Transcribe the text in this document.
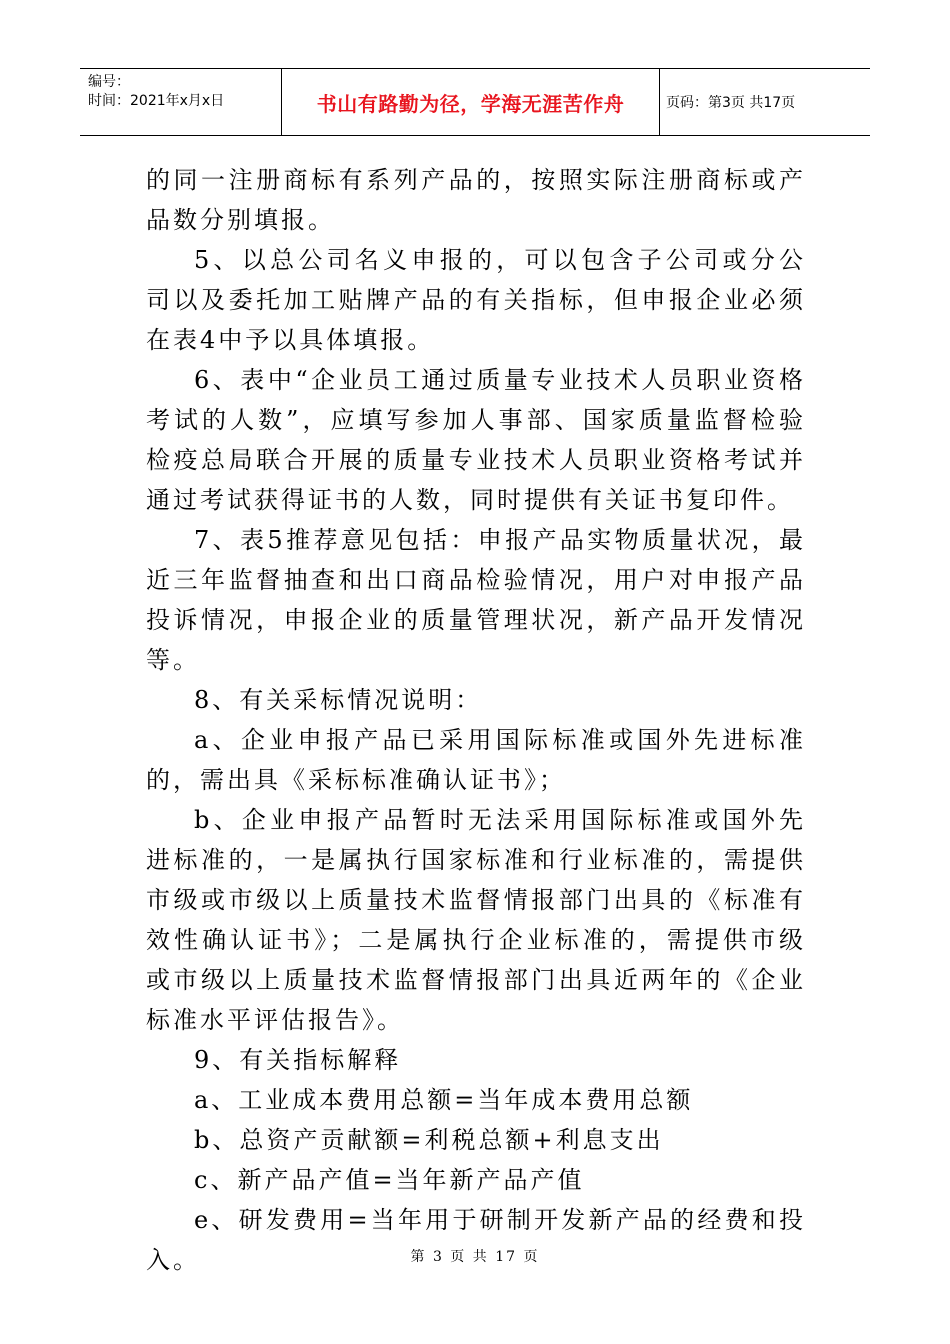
编号：
时间：2021年x月x日	书山有路勤为径，学海无涯苦作舟	页码：第3页 共17页

的同一注册商标有系列产品的，按照实际注册商标或产品数分别填报。

5、以总公司名义申报的，可以包含子公司或分公司以及委托加工贴牌产品的有关指标，但申报企业必须在表4中予以具体填报。

6、表中“企业员工通过质量专业技术人员职业资格考试的人数”，应填写参加人事部、国家质量监督检验检疫总局联合开展的质量专业技术人员职业资格考试并通过考试获得证书的人数，同时提供有关证书复印件。

7、表5推荐意见包括：申报产品实物质量状况，最近三年监督抽查和出口商品检验情况，用户对申报产品投诉情况，申报企业的质量管理状况，新产品开发情况等。

8、有关采标情况说明：

a、企业申报产品已采用国际标准或国外先进标准的，需出具《采标标准确认证书》；

b、企业申报产品暂时无法采用国际标准或国外先进标准的，一是属执行国家标准和行业标准的，需提供市级或市级以上质量技术监督情报部门出具的《标准有效性确认证书》；二是属执行企业标准的，需提供市级或市级以上质量技术监督情报部门出具近两年的《企业标准水平评估报告》。

9、有关指标解释

a、工业成本费用总额=当年成本费用总额

b、总资产贡献额=利税总额+利息支出

c、新产品产值=当年新产品产值

e、研发费用=当年用于研制开发新产品的经费和投入。	第 3 页 共 17 页
